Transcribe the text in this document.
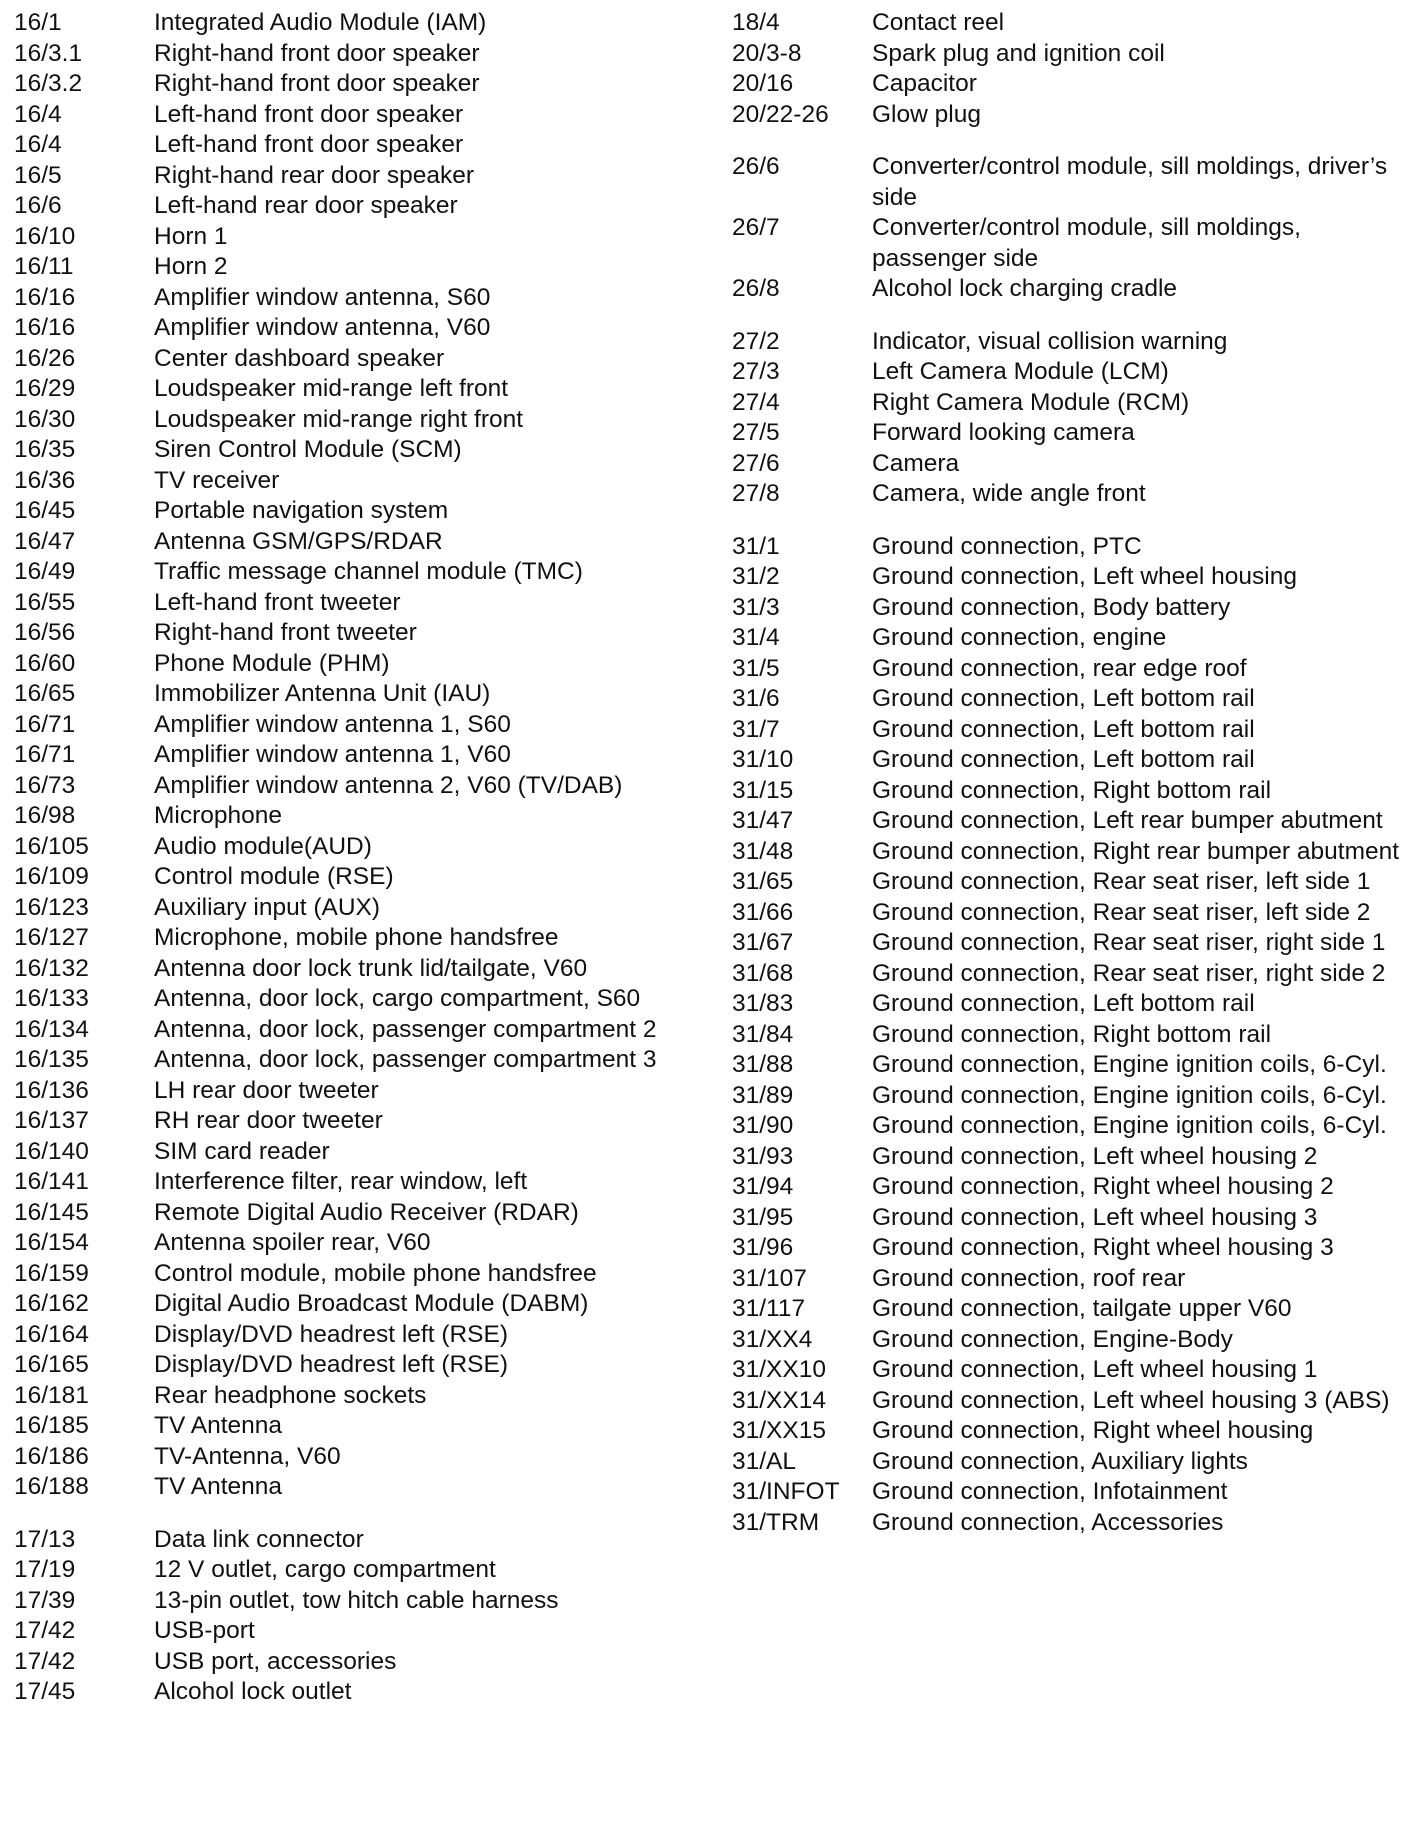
16/1	Integrated Audio Module (IAM)
16/3.1	Right-hand front door speaker
16/3.2	Right-hand front door speaker
16/4	Left-hand front door speaker
16/4	Left-hand front door speaker
16/5	Right-hand rear door speaker
16/6	Left-hand rear door speaker
16/10	Horn 1
16/11	Horn 2
16/16	Amplifier window antenna, S60
16/16	Amplifier window antenna, V60
16/26	Center dashboard speaker
16/29	Loudspeaker mid-range left front
16/30	Loudspeaker mid-range right front
16/35	Siren Control Module (SCM)
16/36	TV receiver
16/45	Portable navigation system
16/47	Antenna GSM/GPS/RDAR
16/49	Traffic message channel module (TMC)
16/55	Left-hand front tweeter
16/56	Right-hand front tweeter
16/60	Phone Module (PHM)
16/65	Immobilizer Antenna Unit (IAU)
16/71	Amplifier window antenna 1, S60
16/71	Amplifier window antenna 1, V60
16/73	Amplifier window antenna 2, V60 (TV/DAB)
16/98	Microphone
16/105	Audio module(AUD)
16/109	Control module (RSE)
16/123	Auxiliary input (AUX)
16/127	Microphone, mobile phone handsfree
16/132	Antenna door lock trunk lid/tailgate, V60
16/133	Antenna, door lock, cargo compartment, S60
16/134	Antenna, door lock, passenger compartment 2
16/135	Antenna, door lock, passenger compartment 3
16/136	LH rear door tweeter
16/137	RH rear door tweeter
16/140	SIM card reader
16/141	Interference filter, rear window, left
16/145	Remote Digital Audio Receiver (RDAR)
16/154	Antenna spoiler rear, V60
16/159	Control module, mobile phone handsfree
16/162	Digital Audio Broadcast Module (DABM)
16/164	Display/DVD headrest left (RSE)
16/165	Display/DVD headrest left (RSE)
16/181	Rear headphone sockets
16/185	TV Antenna
16/186	TV-Antenna, V60
16/188	TV Antenna
17/13	Data link connector
17/19	12 V outlet, cargo compartment
17/39	13-pin outlet, tow hitch cable harness
17/42	USB-port
17/42	USB port, accessories
17/45	Alcohol lock outlet
18/4	Contact reel
20/3-8	Spark plug and ignition coil
20/16	Capacitor
20/22-26	Glow plug
26/6	Converter/control module, sill moldings, driver’s side
26/7	Converter/control module, sill moldings, passenger side
26/8	Alcohol lock charging cradle
27/2	Indicator, visual collision warning
27/3	Left Camera Module (LCM)
27/4	Right Camera Module (RCM)
27/5	Forward looking camera
27/6	Camera
27/8	Camera, wide angle front
31/1	Ground connection, PTC
31/2	Ground connection, Left wheel housing
31/3	Ground connection, Body battery
31/4	Ground connection, engine
31/5	Ground connection, rear edge roof
31/6	Ground connection, Left bottom rail
31/7	Ground connection, Left bottom rail
31/10	Ground connection, Left bottom rail
31/15	Ground connection, Right bottom rail
31/47	Ground connection, Left rear bumper abutment
31/48	Ground connection, Right rear bumper abutment
31/65	Ground connection, Rear seat riser, left side 1
31/66	Ground connection, Rear seat riser, left side 2
31/67	Ground connection, Rear seat riser, right side 1
31/68	Ground connection, Rear seat riser, right side 2
31/83	Ground connection, Left bottom rail
31/84	Ground connection, Right bottom rail
31/88	Ground connection, Engine ignition coils, 6-Cyl.
31/89	Ground connection, Engine ignition coils, 6-Cyl.
31/90	Ground connection, Engine ignition coils, 6-Cyl.
31/93	Ground connection, Left wheel housing 2
31/94	Ground connection, Right wheel housing 2
31/95	Ground connection, Left wheel housing 3
31/96	Ground connection, Right wheel housing 3
31/107	Ground connection, roof rear
31/117	Ground connection, tailgate upper V60
31/XX4	Ground connection, Engine-Body
31/XX10	Ground connection, Left wheel housing 1
31/XX14	Ground connection, Left wheel housing 3 (ABS)
31/XX15	Ground connection, Right wheel housing
31/AL	Ground connection, Auxiliary lights
31/INFOT	Ground connection, Infotainment
31/TRM	Ground connection, Accessories
